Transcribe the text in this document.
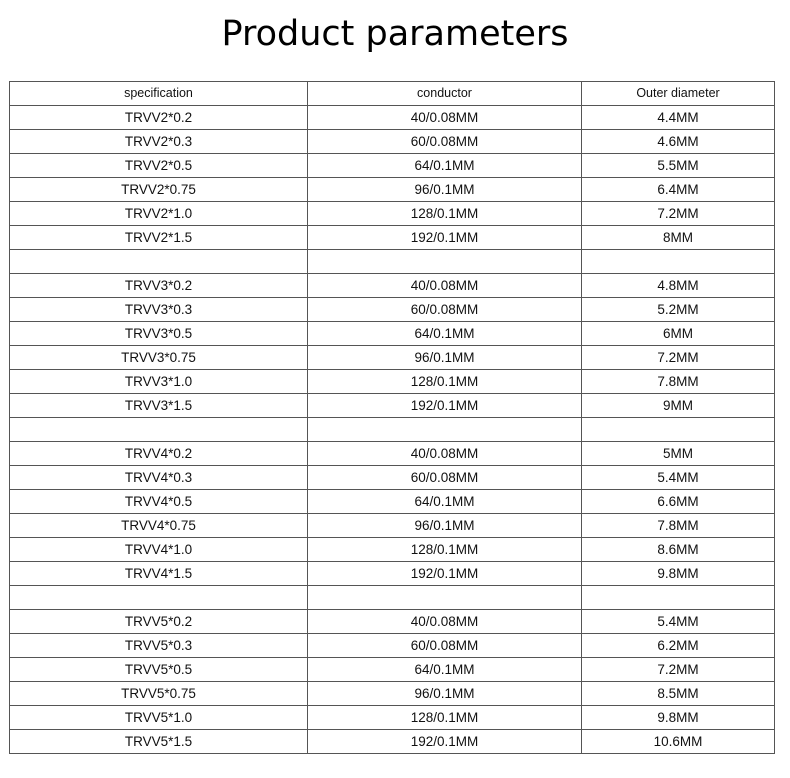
Product parameters
specification	conductor	Outer diameter
TRVV2*0.2	40/0.08MM	4.4MM
TRVV2*0.3	60/0.08MM	4.6MM
TRVV2*0.5	64/0.1MM	5.5MM
TRVV2*0.75	96/0.1MM	6.4MM
TRVV2*1.0	128/0.1MM	7.2MM
TRVV2*1.5	192/0.1MM	8MM

TRVV3*0.2	40/0.08MM	4.8MM
TRVV3*0.3	60/0.08MM	5.2MM
TRVV3*0.5	64/0.1MM	6MM
TRVV3*0.75	96/0.1MM	7.2MM
TRVV3*1.0	128/0.1MM	7.8MM
TRVV3*1.5	192/0.1MM	9MM

TRVV4*0.2	40/0.08MM	5MM
TRVV4*0.3	60/0.08MM	5.4MM
TRVV4*0.5	64/0.1MM	6.6MM
TRVV4*0.75	96/0.1MM	7.8MM
TRVV4*1.0	128/0.1MM	8.6MM
TRVV4*1.5	192/0.1MM	9.8MM

TRVV5*0.2	40/0.08MM	5.4MM
TRVV5*0.3	60/0.08MM	6.2MM
TRVV5*0.5	64/0.1MM	7.2MM
TRVV5*0.75	96/0.1MM	8.5MM
TRVV5*1.0	128/0.1MM	9.8MM
TRVV5*1.5	192/0.1MM	10.6MM
